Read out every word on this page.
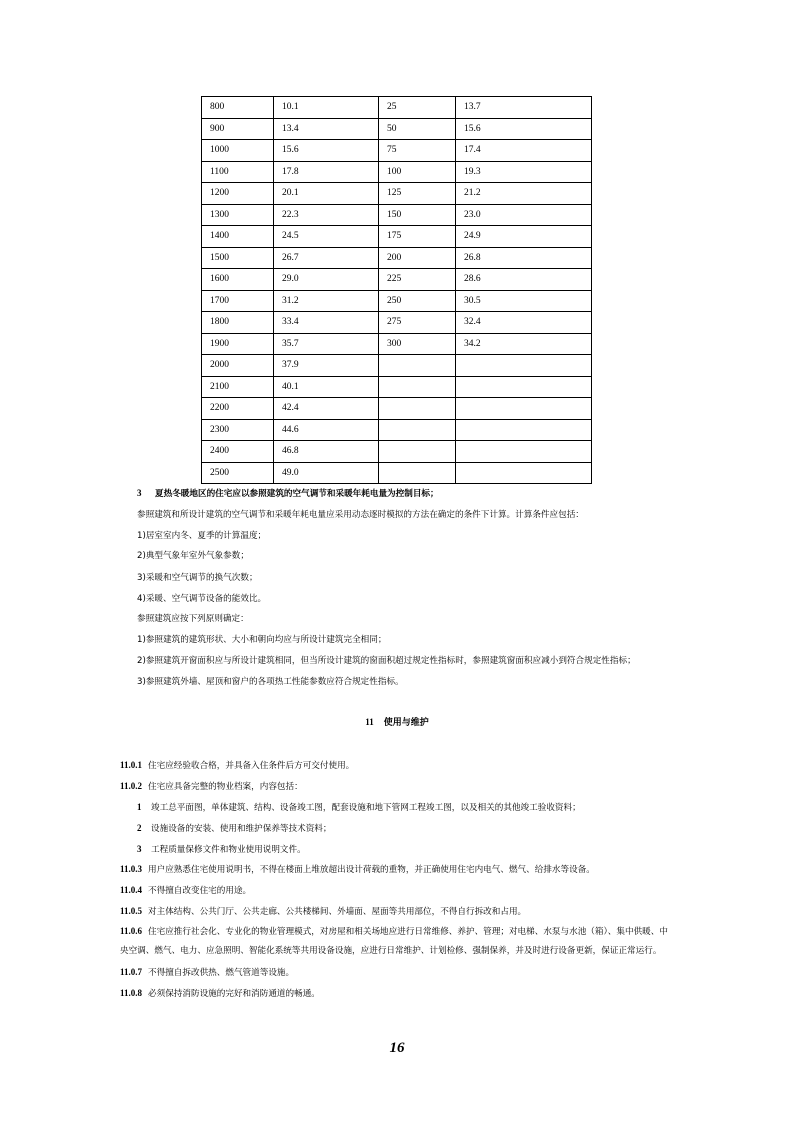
800	10.1	25	13.7
900	13.4	50	15.6
1000	15.6	75	17.4
1100	17.8	100	19.3
1200	20.1	125	21.2
1300	22.3	150	23.0
1400	24.5	175	24.9
1500	26.7	200	26.8
1600	29.0	225	28.6
1700	31.2	250	30.5
1800	33.4	275	32.4
1900	35.7	300	34.2
2000	37.9		
2100	40.1		
2200	42.4		
2300	44.6		
2400	46.8		
2500	49.0		
3 夏热冬暖地区的住宅应以参照建筑的空气调节和采暖年耗电量为控制目标；
参照建筑和所设计建筑的空气调节和采暖年耗电量应采用动态逐时模拟的方法在确定的条件下计算。计算条件应包括：
1)居室室内冬、夏季的计算温度；
2)典型气象年室外气象参数；
3)采暖和空气调节的换气次数；
4)采暖、空气调节设备的能效比。
参照建筑应按下列原则确定：
1)参照建筑的建筑形状、大小和朝向均应与所设计建筑完全相同；
2)参照建筑开窗面积应与所设计建筑相同，但当所设计建筑的窗面积超过规定性指标时，参照建筑窗面积应减小到符合规定性指标；
3)参照建筑外墙、屋顶和窗户的各项热工性能参数应符合规定性指标。
11 使用与维护
11.0.1 住宅应经验收合格，并具备入住条件后方可交付使用。
11.0.2 住宅应具备完整的物业档案，内容包括：
1 竣工总平面图，单体建筑、结构、设备竣工图，配套设施和地下管网工程竣工图，以及相关的其他竣工验收资料；
2 设施设备的安装、使用和维护保养等技术资料；
3 工程质量保修文件和物业使用说明文件。
11.0.3 用户应熟悉住宅使用说明书，不得在楼面上堆放超出设计荷载的重物，并正确使用住宅内电气、燃气、给排水等设备。
11.0.4 不得擅自改变住宅的用途。
11.0.5 对主体结构、公共门厅、公共走廊、公共楼梯间、外墙面、屋面等共用部位，不得自行拆改和占用。
11.0.6 住宅应推行社会化、专业化的物业管理模式，对房屋和相关场地应进行日常维修、养护、管理；对电梯、水泵与水池（箱）、集中供暖、中
央空调、燃气、电力、应急照明、智能化系统等共用设备设施，应进行日常维护、计划检修、强制保养，并及时进行设备更新，保证正常运行。
11.0.7 不得擅自拆改供热、燃气管道等设施。
11.0.8 必须保持消防设施的完好和消防通道的畅通。
16
